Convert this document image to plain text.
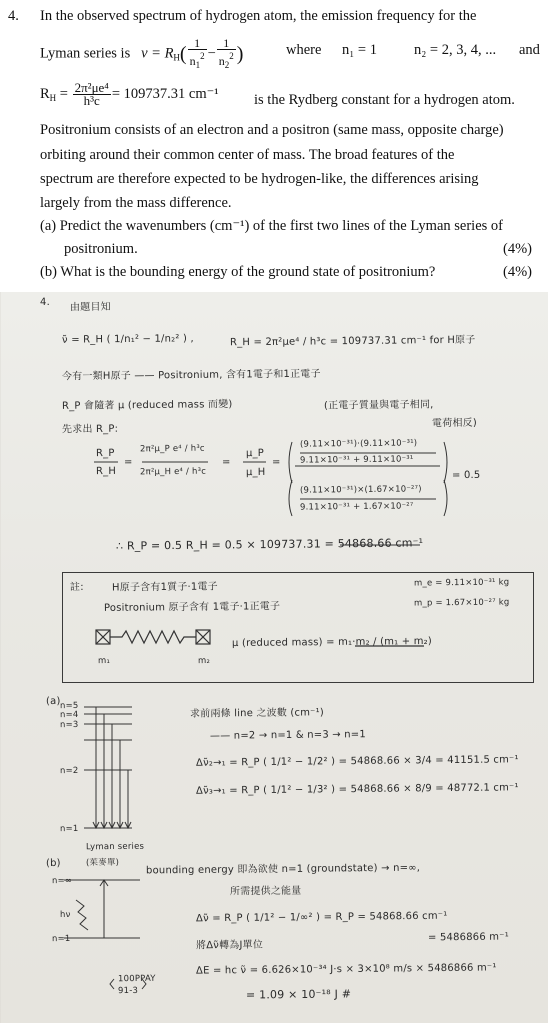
4. In the observed spectrum of hydrogen atom, the emission frequency for the
Lyman series is $v = R_H( \frac{1}{n_1^2} - \frac{1}{n_2^2}$ )	where n₁ = 1	n₂ = 2, 3, 4, ... and
$R_H = \frac{\text{2π²μe⁴}}{\text{h³c}} = 109737.31$ cm⁻¹ is the Rydberg constant for a hydrogen atom.
Positronium consists of an electron and a positron (same mass, opposite charge)
orbiting around their common center of mass. The broad features of the
spectrum are therefore expected to be hydrogen-like, the differences arising
largely from the mass difference.
(a) Predict the wavenumbers (cm⁻¹) of the first two lines of the Lyman series of
positronium.	(4%)
(b) What is the bounding energy of the ground state of positronium?	(4%)
4. 由題目知
ν̃ = R_H ( 1/n₁² − 1/n₂² ) ,	R_H = 2π²μe⁴ / h³c = 109737.31 cm⁻¹ for H原子
今有一類H原子 —— Positronium, 含有1電子和1正電子
R_P 會隨著 μ (reduced mass 而變)	(正電子質量與電子相同,
先求出 R_P:
電荷相反)
R_P
R_H
=
2π²μ_P e⁴ / h³c
2π²μ_H e⁴ / h³c
=
μ_P
μ_H
=
(9.11×10⁻³¹)·(9.11×10⁻³¹)
9.11×10⁻³¹ + 9.11×10⁻³¹
(9.11×10⁻³¹)×(1.67×10⁻²⁷)
9.11×10⁻³¹ + 1.67×10⁻²⁷
= 0.5
∴ R_P = 0.5 R_H = 0.5 × 109737.31 = 54868.66 cm⁻¹
註:	H原子含有1質子·1電子
Positronium 原子含有 1電子·1正電子
m_e = 9.11×10⁻³¹ kg
m_p = 1.67×10⁻²⁷ kg
μ (reduced mass) = m₁·m₂ / (m₁ + m₂)
m₁	m₂
(a)
求前兩條 line 之波數 (cm⁻¹)
—— n=2 → n=1 & n=3 → n=1
Δν̃₂→₁ = R_P ( 1/1² − 1/2² ) = 54868.66 × 3/4 = 41151.5 cm⁻¹
Δν̃₃→₁ = R_P ( 1/1² − 1/3² ) = 54868.66 × 8/9 = 48772.1 cm⁻¹
n=5
n=4
n=3
n=2
n=1
Lyman series
(茱麥單)
(b)	bounding energy 即為欲使 n=1 (groundstate) → n=∞,
所需提供之能量
n=∞
n=1
hν	Δν̃ = R_P ( 1/1² − 1/∞² ) = R_P = 54868.66 cm⁻¹
= 5486866 m⁻¹
將Δν̃轉為J單位
ΔE = hc ν̃ = 6.626×10⁻³⁴ J·s × 3×10⁸ m/s × 5486866 m⁻¹
= 1.09 × 10⁻¹⁸ J #
100PPAY
91-3
